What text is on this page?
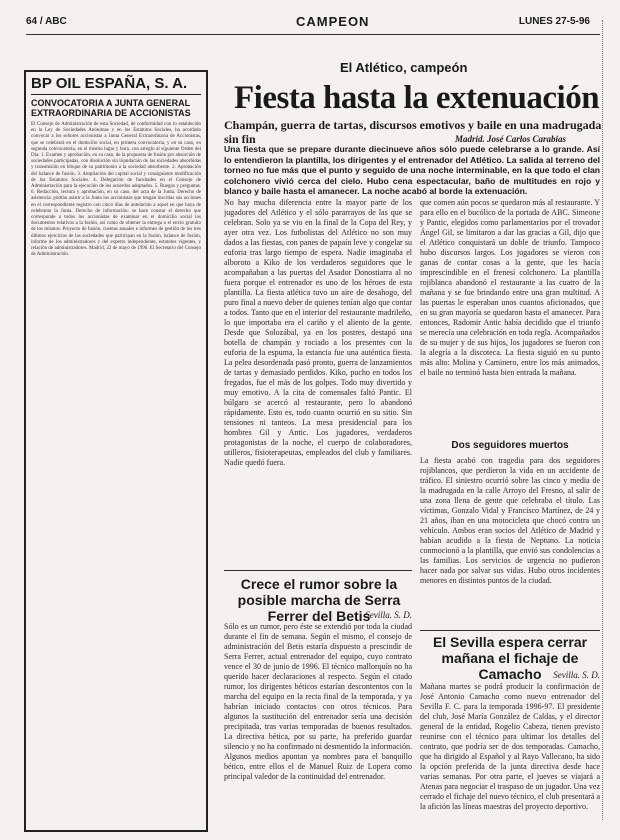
64 / ABC	CAMPEON	LUNES 27-5-96
BP OIL ESPAÑA, S. A.
CONVOCATORIA A JUNTA GENERAL EXTRAORDINARIA DE ACCIONISTAS
El Consejo de Administración de esta Sociedad, de conformidad con lo establecido en la Ley de Sociedades Anónimas y en los Estatutos Sociales, ha acordado convocar a los señores accionistas a Junta General Extraordinaria de Accionistas, que se celebrará en el domicilio social, en primera convocatoria, y en su caso, en segunda convocatoria, en el mismo lugar y hora, con arreglo al siguiente Orden del Día: 1. Examen y aprobación, en su caso, de la propuesta de fusión por absorción de sociedades participadas, con disolución sin liquidación de las sociedades absorbidas y transmisión en bloque de su patrimonio a la sociedad absorbente. 2. Aprobación del balance de fusión. 3. Ampliación del capital social y consiguiente modificación de los Estatutos Sociales. 4. Delegación de facultades en el Consejo de Administración para la ejecución de los acuerdos adoptados. 5. Ruegos y preguntas. 6. Redacción, lectura y aprobación, en su caso, del acta de la Junta. Derecho de asistencia: podrán asistir a la Junta los accionistas que tengan inscritas sus acciones en el correspondiente registro con cinco días de antelación a aquel en que haya de celebrarse la Junta. Derecho de información: se hace constar el derecho que corresponde a todos los accionistas de examinar en el domicilio social los documentos relativos a la fusión, así como de obtener la entrega o el envío gratuito de los mismos. Proyecto de fusión, cuentas anuales e informes de gestión de los tres últimos ejercicios de las sociedades que participan en la fusión, balance de fusión, informe de los administradores y del experto independiente, estatutos vigentes, y relación de administradores. Madrid, 22 de mayo de 1996. El Secretario del Consejo de Administración.
El Atlético, campeón
Fiesta hasta la extenuación
Champán, guerra de tartas, discursos emotivos y baile en una madrugada sin fin	Madrid. José Carlos Carabias
Una fiesta que se prepare durante diecinueve años sólo puede celebrarse a lo grande. Así lo entendieron la plantilla, los dirigentes y el entrenador del Atlético. La salida al terreno del torneo no fue más que el punto y seguido de una noche interminable, en la que todo el clan colchonero vivió cerca del cielo. Hubo cena espectacular, baño de multitudes en rojo y blanco y baile hasta el amanecer. La noche acabó al borde la extenuación.
No hay mucha diferencia entre la mayor parte de los jugadores del Atlético y el sólo pararrayos de las que se celebran. Solo ya se vio en la final de la Copa del Rey, y ayer otra vez. Los futbolistas del Atlético no son muy dados a las fiestas, con panes de papaín leve y congelar su euforia tras largo tiempo de espera. Nadie imaginaba el alboroto a Kiko de los verdaderos seguidores que le acompañaban a las puertas del Asador Donostiarra al no fuera porque el entrenador es uno de los héroes de esta plantilla. La fiesta atlética tuvo un aire de desahogo, del puro final a nuevo deber de quienes tenían algo que contar a todos. Tanto que en el interior del restaurante madrileño, lo que importaba era el cariño y el aliento de la gente. Desde que Solozábal, ya en los postres, destapó una botella de champán y rociado a los presentes con la euforia de la espuma, la estancia fue una auténtica fiesta. La pelea desordenada pasó pronto, guerra de lanzamientos de tartas y demasiado perdidos. Kiko, pucho en todos los fregados, fue el más de los golpes. Todo muy divertido y muy emotivo. A la cita de comensales faltó Pantic. El búlgaro se acercó al restaurante, pero lo abandonó rápidamente. Esto es, todo cuanto ocurrió en su sitio. Sin tensiones ni tanteos. La mesa presidencial para los hombres Gil y Antic. Los jugadores, verdaderos protagonistas de la noche, el cuerpo de colaboradores, utilleros, fisioterapeutas, empleados del club y familiares. Nadie quedó fuera.
que comen aún pocos se quedaron más al restaurante. Y para ello en el bucólico de la portada de ABC. Simeone y Pantic, elegidos como parlamentarios por el trovador Ángel Gil, se limitaron a dar las gracias a Gil, dijo que el Atlético conquistará un doble de triunfo. Tampoco hubo discursos largos. Los jugadores se vieron con ganas de contar cosas a la gente, que les hacía imprescindible en el frenesí colchonero. La plantilla rojiblanca abandonó el restaurante a las cuatro de la mañana y se fue brindando entre una gran multitud. A las puertas le esperaban unos cuantos aficionados, que en su gran mayoría se quedaron hasta el amanecer. Para entonces, Radomir Antic había decidido que el triunfo se merecía una celebración en toda regla. Acompañados de su mujer y de sus hijos, los jugadores se fueron con la alegría a la discoteca. La fiesta siguió en su punto más alto: Molina y Caminero, entre los más animados, el baile no terminó hasta bien entrada la mañana.
Dos seguidores muertos
La fiesta acabó con tragedia para dos seguidores rojiblancos, que perdieron la vida en un accidente de tráfico. El siniestro ocurrió sobre las cinco y media de la madrugada en la calle Arroyo del Fresno, al salir de una zona llena de gente que celebraba el título. Las víctimas, Gonzalo Vidal y Francisco Martínez, de 24 y 21 años, iban en una motocicleta que chocó contra un vehículo. Ambos eran socios del Atlético de Madrid y habían acudido a la fiesta de Neptuno. La noticia conmocionó a la plantilla, que envió sus condolencias a las familias. Los servicios de urgencia no pudieron hacer nada por salvar sus vidas. Hubo otros incidentes menores en distintos puntos de la ciudad.
Crece el rumor sobre la posible marcha de Serra Ferrer del Betis
Sevilla. S. D.
Sólo es un rumor, pero éste se extendió por toda la ciudad durante el fin de semana. Según el mismo, el consejo de administración del Betis estaría dispuesto a prescindir de Serra Ferrer, actual entrenador del equipo, cuyo contrato vence el 30 de junio de 1996. El técnico mallorquín no ha querido hacer declaraciones al respecto. Según el citado rumor, los dirigentes béticos estarían descontentos con la marcha del equipo en la recta final de la temporada, y ya habrían iniciado contactos con otros técnicos. Para algunos la sustitución del entrenador sería una decisión precipitada, tras varias temporadas de buenos resultados. La directiva bética, por su parte, ha preferido guardar silencio y no ha confirmado ni desmentido la información. Algunos medios apuntan ya nombres para el banquillo bético, entre ellos el de Manuel Ruiz de Lopera como principal valedor de la continuidad del entrenador.
El Sevilla espera cerrar mañana el fichaje de Camacho	Sevilla. S. D.
Mañana martes se podrá producir la confirmación de José Antonio Camacho como nuevo entrenador del Sevilla F. C. para la temporada 1996-97. El presidente del club, José María González de Caldas, y el director general de la entidad, Rogelio Cabeza, tienen previsto reunirse con el técnico para ultimar los detalles del contrato, que podría ser de dos temporadas. Camacho, que ha dirigido al Español y al Rayo Vallecano, ha sido la opción preferida de la junta directiva desde hace varias semanas. Por otra parte, el jueves se viajará a Atenas para negociar el traspaso de un jugador. Una vez cerrado el fichaje del nuevo técnico, el club presentará a la afición las líneas maestras del proyecto deportivo.
